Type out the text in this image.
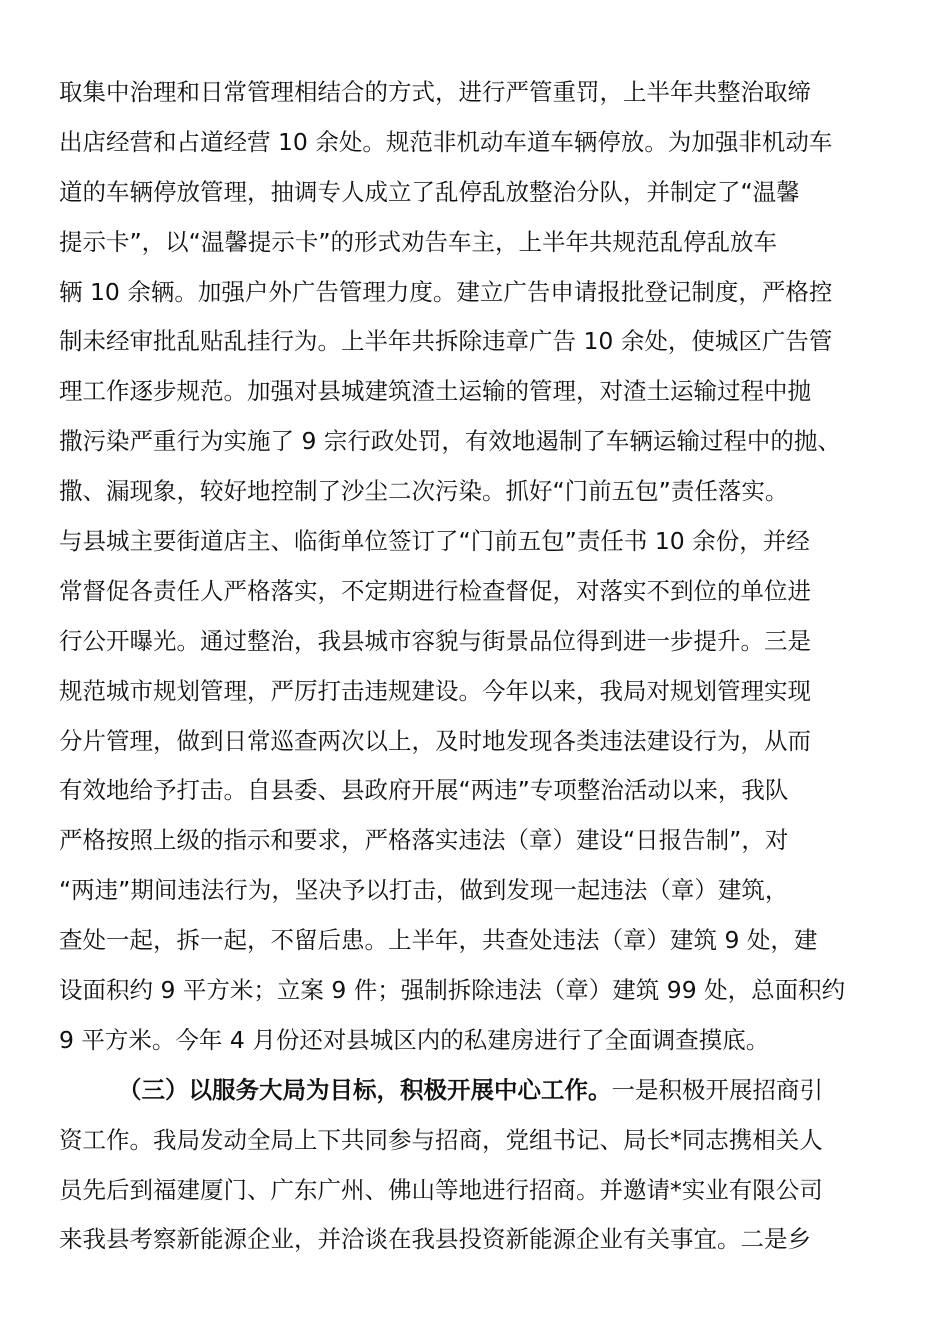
取集中治理和日常管理相结合的方式，进行严管重罚，上半年共整治取缔
出店经营和占道经营 10 余处。规范非机动车道车辆停放。为加强非机动车
道的车辆停放管理，抽调专人成立了乱停乱放整治分队，并制定了“温馨
提示卡”，以“温馨提示卡”的形式劝告车主，上半年共规范乱停乱放车
辆 10 余辆。加强户外广告管理力度。建立广告申请报批登记制度，严格控
制未经审批乱贴乱挂行为。上半年共拆除违章广告 10 余处，使城区广告管
理工作逐步规范。加强对县城建筑渣土运输的管理，对渣土运输过程中抛
撒污染严重行为实施了 9 宗行政处罚，有效地遏制了车辆运输过程中的抛、
撒、漏现象，较好地控制了沙尘二次污染。抓好“门前五包”责任落实。
与县城主要街道店主、临街单位签订了“门前五包”责任书 10 余份，并经
常督促各责任人严格落实，不定期进行检查督促，对落实不到位的单位进
行公开曝光。通过整治，我县城市容貌与街景品位得到进一步提升。三是
规范城市规划管理，严厉打击违规建设。今年以来，我局对规划管理实现
分片管理，做到日常巡查两次以上，及时地发现各类违法建设行为，从而
有效地给予打击。自县委、县政府开展“两违”专项整治活动以来，我队
严格按照上级的指示和要求，严格落实违法（章）建设“日报告制”，对
“两违”期间违法行为，坚决予以打击，做到发现一起违法（章）建筑，
查处一起，拆一起，不留后患。上半年，共查处违法（章）建筑 9 处，建
设面积约 9 平方米；立案 9 件；强制拆除违法（章）建筑 99 处，总面积约
9 平方米。今年 4 月份还对县城区内的私建房进行了全面调查摸底。
（三）以服务大局为目标，积极开展中心工作。一是积极开展招商引
资工作。我局发动全局上下共同参与招商，党组书记、局长*同志携相关人
员先后到福建厦门、广东广州、佛山等地进行招商。并邀请*实业有限公司
来我县考察新能源企业，并洽谈在我县投资新能源企业有关事宜。二是乡
